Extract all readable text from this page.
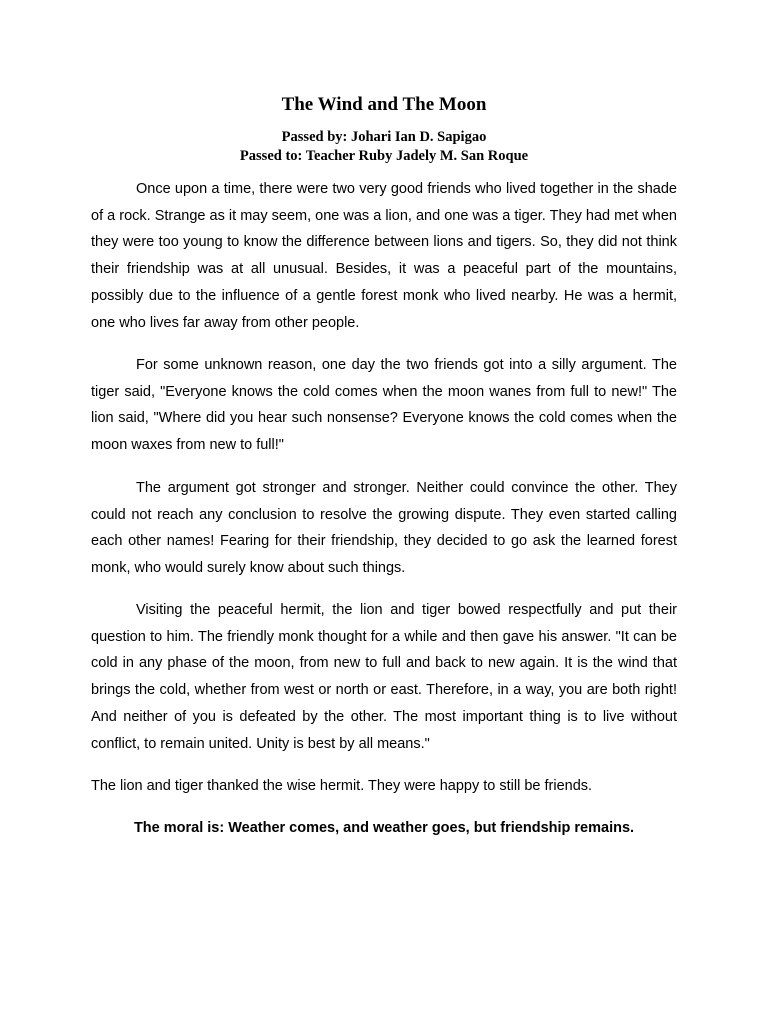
The Wind and The Moon

Passed by: Johari Ian D. Sapigao

Passed to: Teacher Ruby Jadely M. San Roque

Once upon a time, there were two very good friends who lived together in the shade of a rock. Strange as it may seem, one was a lion, and one was a tiger. They had met when they were too young to know the difference between lions and tigers. So, they did not think their friendship was at all unusual. Besides, it was a peaceful part of the mountains, possibly due to the influence of a gentle forest monk who lived nearby. He was a hermit, one who lives far away from other people.

For some unknown reason, one day the two friends got into a silly argument. The tiger said, "Everyone knows the cold comes when the moon wanes from full to new!" The lion said, "Where did you hear such nonsense? Everyone knows the cold comes when the moon waxes from new to full!"

The argument got stronger and stronger. Neither could convince the other. They could not reach any conclusion to resolve the growing dispute. They even started calling each other names! Fearing for their friendship, they decided to go ask the learned forest monk, who would surely know about such things.

Visiting the peaceful hermit, the lion and tiger bowed respectfully and put their question to him. The friendly monk thought for a while and then gave his answer. "It can be cold in any phase of the moon, from new to full and back to new again. It is the wind that brings the cold, whether from west or north or east. Therefore, in a way, you are both right! And neither of you is defeated by the other. The most important thing is to live without conflict, to remain united. Unity is best by all means."

The lion and tiger thanked the wise hermit. They were happy to still be friends.

The moral is: Weather comes, and weather goes, but friendship remains.
